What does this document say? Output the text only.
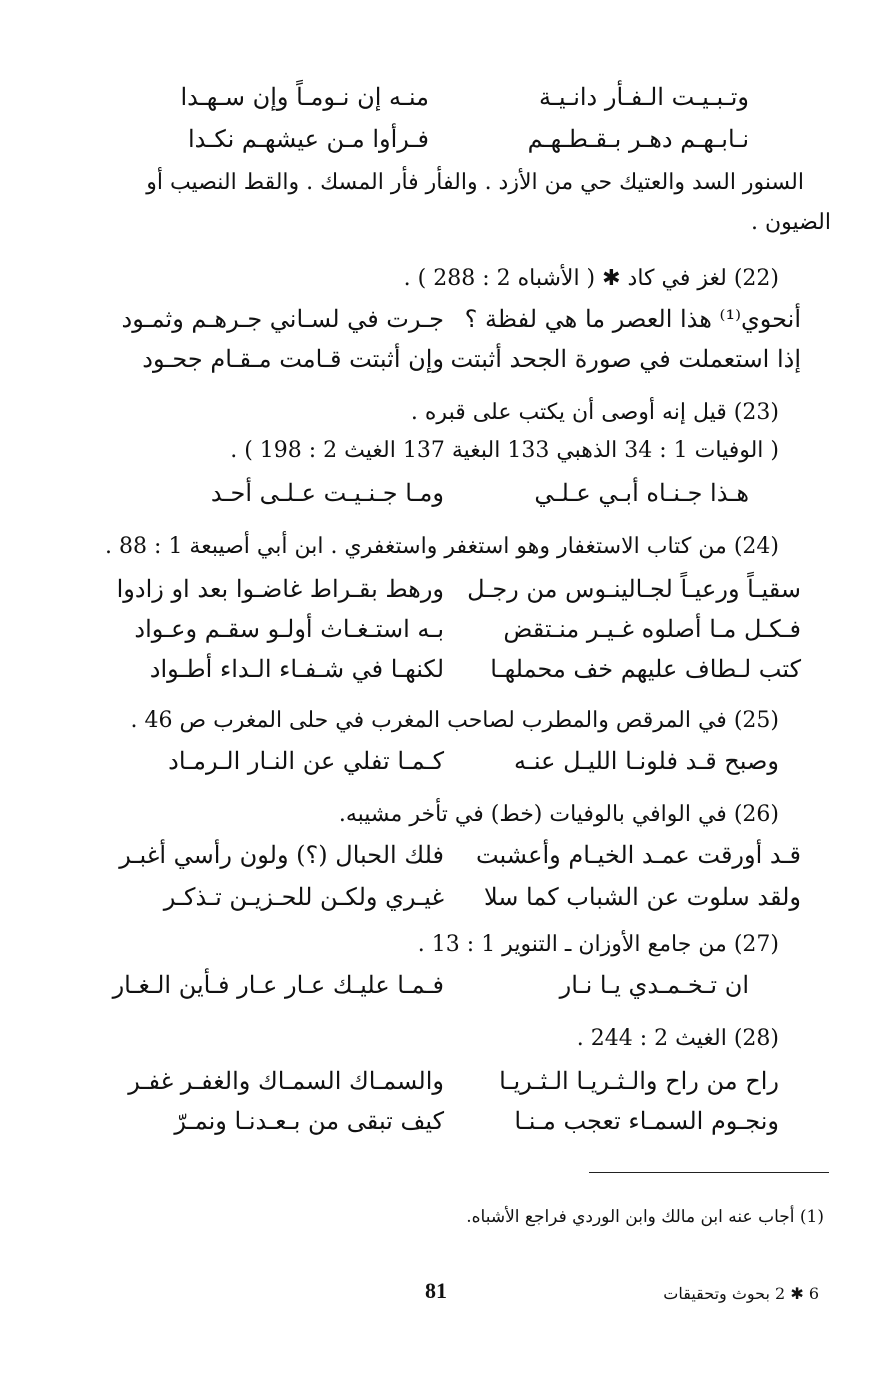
وتـبـيـت الـفـأر دانـيـة
منـه إن نـومـاً وإن سـهـدا
نـابـهـم دهـر بـقـطـهـم
فـرأوا مـن عيشهـم نكـدا
السنور السد والعتيك حي من الأزد . والفأر فأر المسك . والقط النصيب أو
الضيون .
(22) لغز في كاد ✱ ( الأشباه 2 : 288 ) .
أنحوي⁽¹⁾ هذا العصر ما هي لفظة ؟
جـرت في لسـاني جـرهـم وثمـود
إذا استعملت في صورة الجحد أثبتت
وإن أثبتت قـامت مـقـام جحـود
(23) قيل إنه أوصى أن يكتب على قبره .
( الوفيات 1 : 34 الذهبي 133 البغية 137 الغيث 2 : 198 ) .
هـذا جـنـاه أبـي عـلـي
ومـا جـنـيـت عـلـى أحـد
(24) من كتاب الاستغفار وهو استغفر واستغفري . ابن أبي أصيبعة 1 : 88 .
سقيـاً ورعيـاً لجـالينـوس من رجـل
ورهط بقـراط غاضـوا بعد او زادوا
فـكـل مـا أصلوه غـيـر منـتقض
بـه استـغـاث أولـو سقـم وعـواد
كتب لـطاف عليهم خف محملهـا
لكنهـا في شـفـاء الـداء أطـواد
(25) في المرقص والمطرب لصاحب المغرب في حلى المغرب ص 46 .
وصبح قـد فلونـا الليـل عنـه
كـمـا تفلي عن النـار الـرمـاد
(26) في الوافي بالوفيات (خط) في تأخر مشيبه.
قـد أورقت عمـد الخيـام وأعشبت
فلك الحبال (؟) ولون رأسي أغبـر
ولقد سلوت عن الشباب كما سلا
غيـري ولكـن للحـزيـن تـذكـر
(27) من جامع الأوزان ـ التنوير 1 : 13 .
ان تـخـمـدي يـا نـار
فـمـا عليـك عـار عـار فـأين الـغـار
(28) الغيث 2 : 244 .
راح من راح والـثـريـا الـثـريـا
والسمـاك السمـاك والغفـر غفـر
ونجـوم السمـاء تعجب مـنـا
كيف تبقى من بـعـدنـا ونمـرّ
(1) أجاب عنه ابن مالك وابن الوردي فراجع الأشباه.
81	6 ✱ 2 بحوث وتحقيقات
